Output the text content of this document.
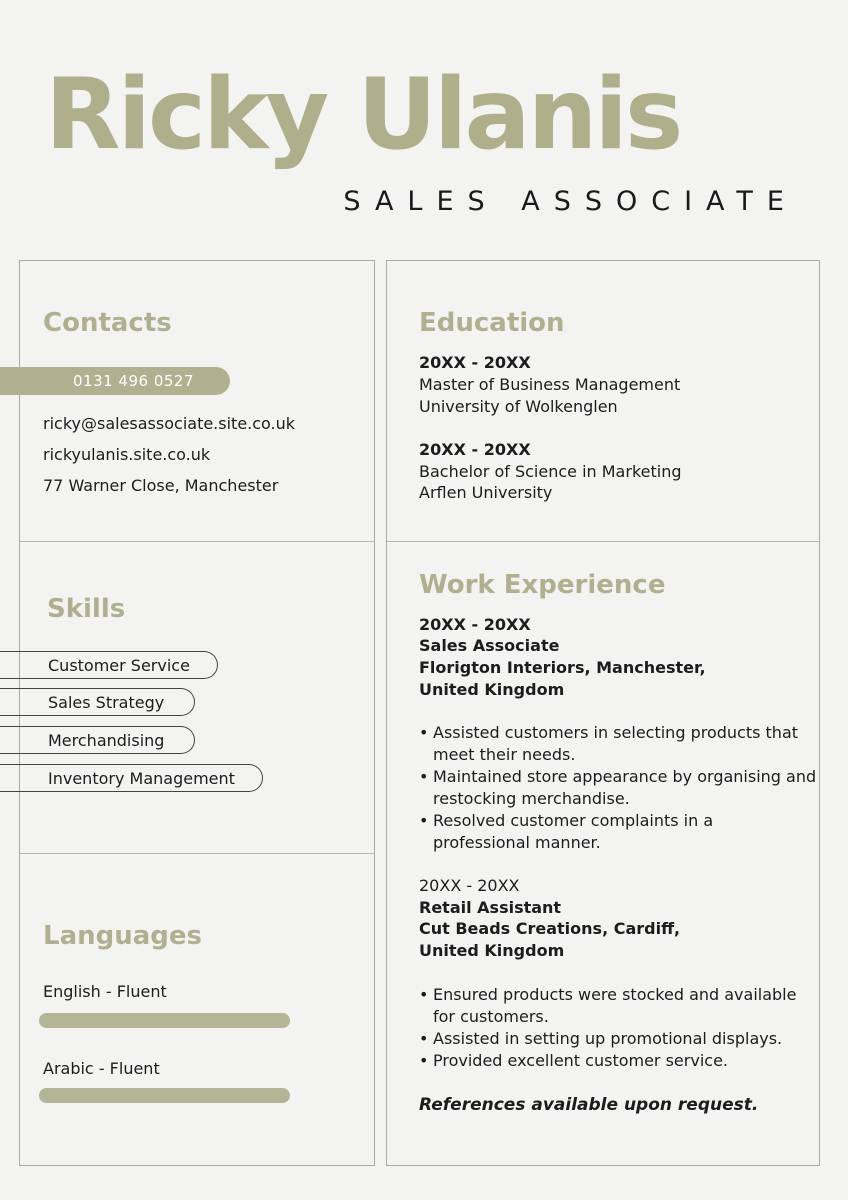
Ricky Ulanis
SALES ASSOCIATE
Contacts
0131 496 0527
ricky@salesassociate.site.co.uk
rickyulanis.site.co.uk
77 Warner Close, Manchester
Skills
Customer Service
Sales Strategy
Merchandising
Inventory Management
Languages
English - Fluent
Arabic - Fluent
Education
20XX - 20XX
Master of Business Management
University of Wolkenglen
20XX - 20XX
Bachelor of Science in Marketing
Arflen University
Work Experience
20XX - 20XX
Sales Associate
Florigton Interiors, Manchester,
United Kingdom
• Assisted customers in selecting products that
meet their needs.
• Maintained store appearance by organising and
restocking merchandise.
• Resolved customer complaints in a
professional manner.
20XX - 20XX
Retail Assistant
Cut Beads Creations, Cardiff,
United Kingdom
• Ensured products were stocked and available
for customers.
• Assisted in setting up promotional displays.
• Provided excellent customer service.
References available upon request.
